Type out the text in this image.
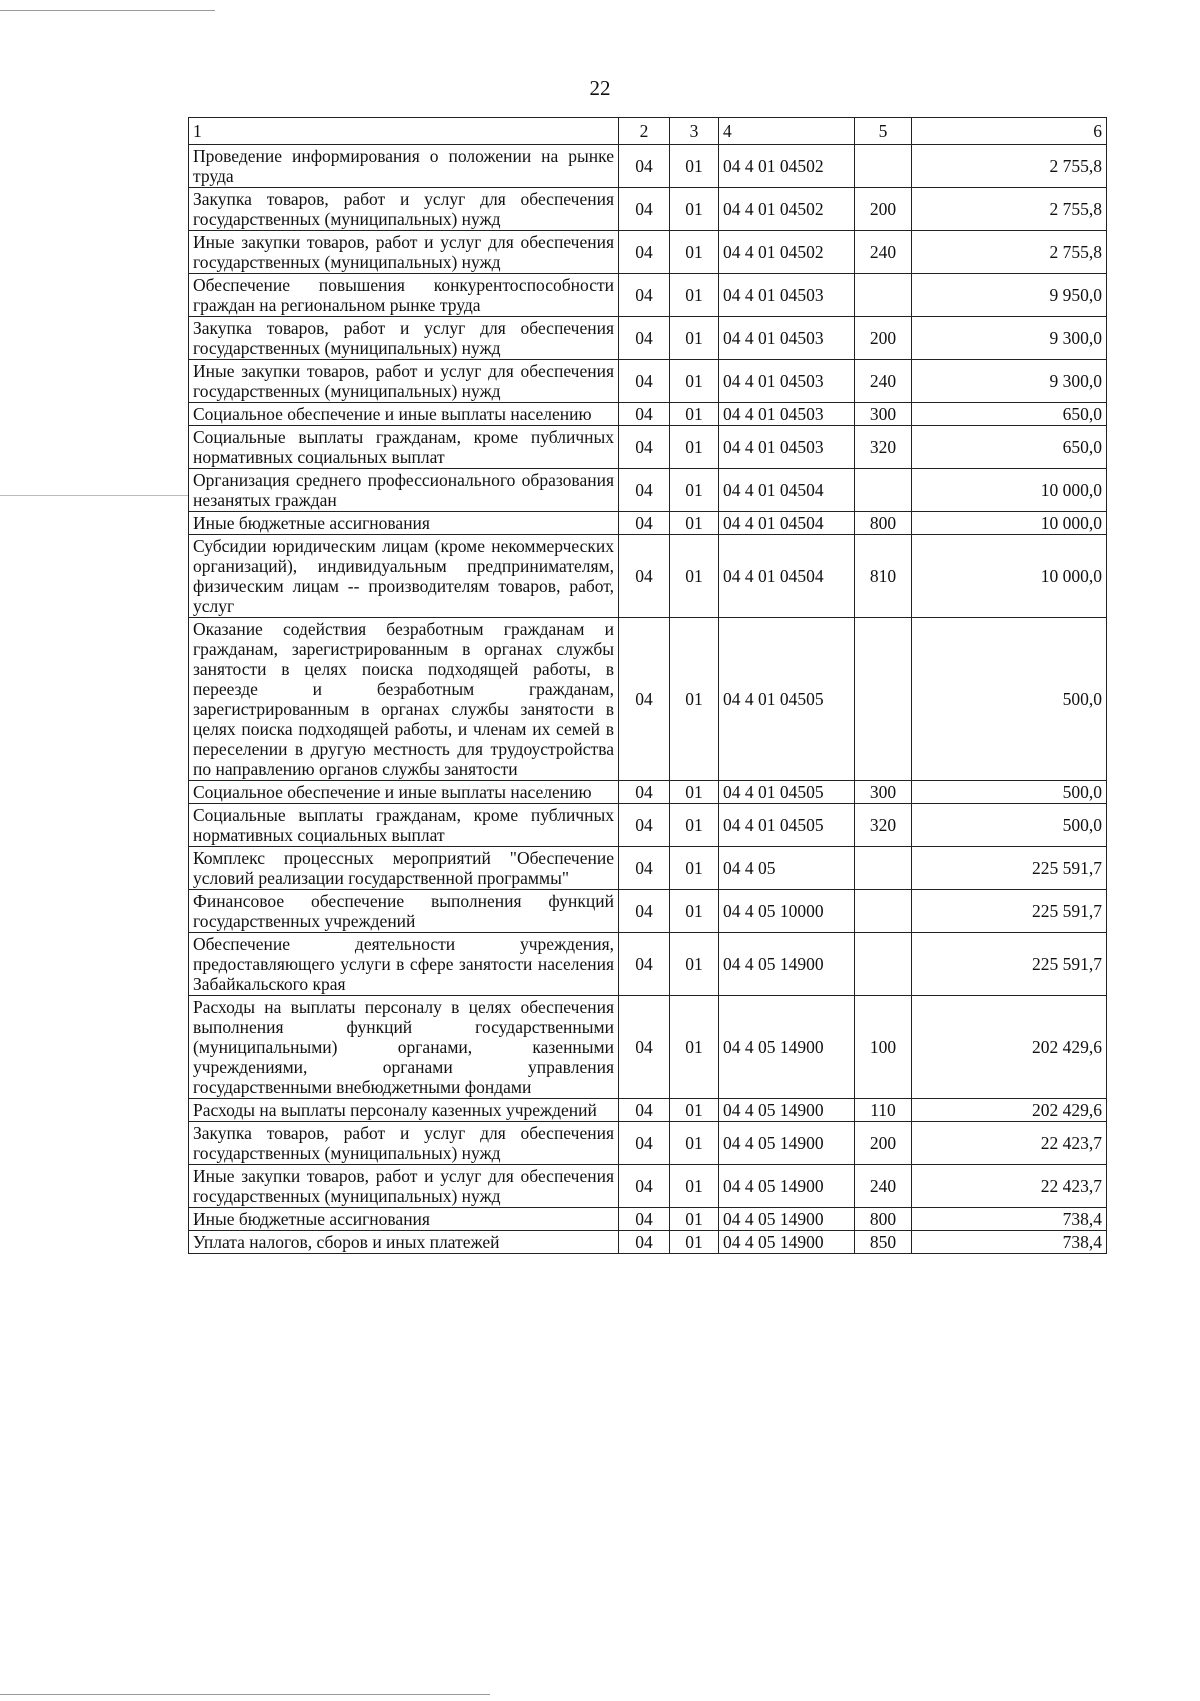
22
1	2	3	4	5	6
Проведение информирования о положении на рынке труда	04	01	04 4 01 04502		2 755,8
Закупка товаров, работ и услуг для обеспечения государственных (муниципальных) нужд	04	01	04 4 01 04502	200	2 755,8
Иные закупки товаров, работ и услуг для обеспечения государственных (муниципальных) нужд	04	01	04 4 01 04502	240	2 755,8
Обеспечение повышения конкурентоспособности граждан на региональном рынке труда	04	01	04 4 01 04503		9 950,0
Закупка товаров, работ и услуг для обеспечения государственных (муниципальных) нужд	04	01	04 4 01 04503	200	9 300,0
Иные закупки товаров, работ и услуг для обеспечения государственных (муниципальных) нужд	04	01	04 4 01 04503	240	9 300,0
Социальное обеспечение и иные выплаты населению	04	01	04 4 01 04503	300	650,0
Социальные выплаты гражданам, кроме публичных нормативных социальных выплат	04	01	04 4 01 04503	320	650,0
Организация среднего профессионального образования незанятых граждан	04	01	04 4 01 04504		10 000,0
Иные бюджетные ассигнования	04	01	04 4 01 04504	800	10 000,0
Субсидии юридическим лицам (кроме некоммерческих организаций), индивидуальным предпринимателям, физическим лицам -- производителям товаров, работ, услуг	04	01	04 4 01 04504	810	10 000,0
Оказание содействия безработным гражданам и гражданам, зарегистрированным в органах службы занятости в целях поиска подходящей работы, в переезде и безработным гражданам, зарегистрированным в органах службы занятости в целях поиска подходящей работы, и членам их семей в переселении в другую местность для трудоустройства по направлению органов службы занятости	04	01	04 4 01 04505		500,0
Социальное обеспечение и иные выплаты населению	04	01	04 4 01 04505	300	500,0
Социальные выплаты гражданам, кроме публичных нормативных социальных выплат	04	01	04 4 01 04505	320	500,0
Комплекс процессных мероприятий "Обеспечение условий реализации государственной программы"	04	01	04 4 05		225 591,7
Финансовое обеспечение выполнения функций государственных учреждений	04	01	04 4 05 10000		225 591,7
Обеспечение деятельности учреждения, предоставляющего услуги в сфере занятости населения Забайкальского края	04	01	04 4 05 14900		225 591,7
Расходы на выплаты персоналу в целях обеспечения выполнения функций государственными (муниципальными) органами, казенными учреждениями, органами управления государственными внебюджетными фондами	04	01	04 4 05 14900	100	202 429,6
Расходы на выплаты персоналу казенных учреждений	04	01	04 4 05 14900	110	202 429,6
Закупка товаров, работ и услуг для обеспечения государственных (муниципальных) нужд	04	01	04 4 05 14900	200	22 423,7
Иные закупки товаров, работ и услуг для обеспечения государственных (муниципальных) нужд	04	01	04 4 05 14900	240	22 423,7
Иные бюджетные ассигнования	04	01	04 4 05 14900	800	738,4
Уплата налогов, сборов и иных платежей	04	01	04 4 05 14900	850	738,4
